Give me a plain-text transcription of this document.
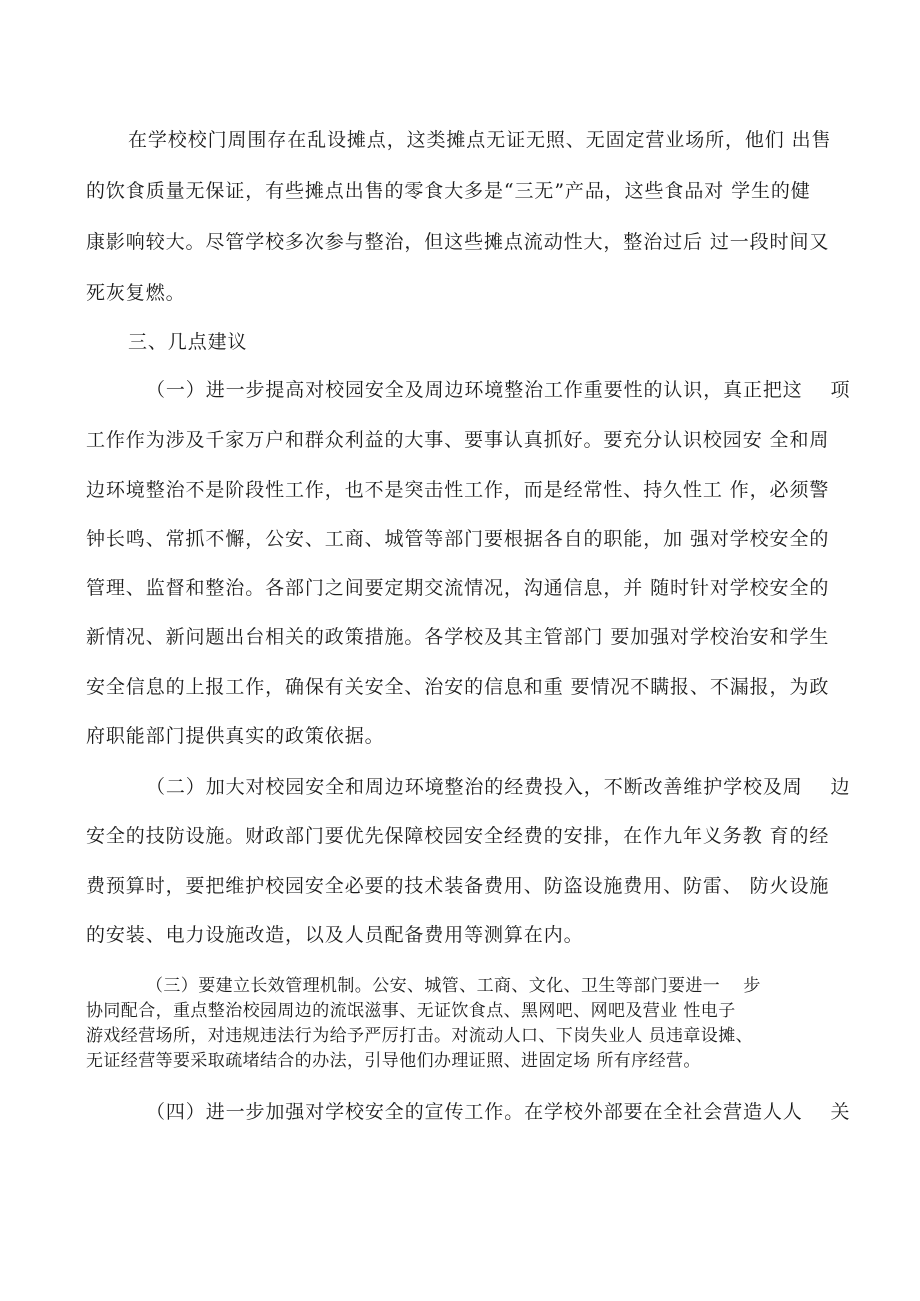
在学校校门周围存在乱设摊点，这类摊点无证无照、无固定营业场所，他们 出售
的饮食质量无保证，有些摊点出售的零食大多是“三无”产品，这些食品对 学生的健
康影响较大。尽管学校多次参与整治，但这些摊点流动性大，整治过后 过一段时间又
死灰复燃。
三、几点建议
（一）进一步提高对校园安全及周边环境整治工作重要性的认识，真正把这    项
工作作为涉及千家万户和群众利益的大事、要事认真抓好。要充分认识校园安 全和周
边环境整治不是阶段性工作，也不是突击性工作，而是经常性、持久性工 作，必须警
钟长鸣、常抓不懈，公安、工商、城管等部门要根据各自的职能，加 强对学校安全的
管理、监督和整治。各部门之间要定期交流情况，沟通信息，并 随时针对学校安全的
新情况、新问题出台相关的政策措施。各学校及其主管部门 要加强对学校治安和学生
安全信息的上报工作，确保有关安全、治安的信息和重 要情况不瞒报、不漏报，为政
府职能部门提供真实的政策依据。
（二）加大对校园安全和周边环境整治的经费投入，不断改善维护学校及周    边
安全的技防设施。财政部门要优先保障校园安全经费的安排，在作九年义务教 育的经
费预算时，要把维护校园安全必要的技术装备费用、防盗设施费用、防雷、 防火设施
的安装、电力设施改造，以及人员配备费用等测算在内。
（三）要建立长效管理机制。公安、城管、工商、文化、卫生等部门要进一    步
协同配合，重点整治校园周边的流氓滋事、无证饮食点、黑网吧、网吧及营业 性电子
游戏经营场所，对违规违法行为给予严厉打击。对流动人口、下岗失业人 员违章设摊、
无证经营等要采取疏堵结合的办法，引导他们办理证照、进固定场 所有序经营。
（四）进一步加强对学校安全的宣传工作。在学校外部要在全社会营造人人    关
